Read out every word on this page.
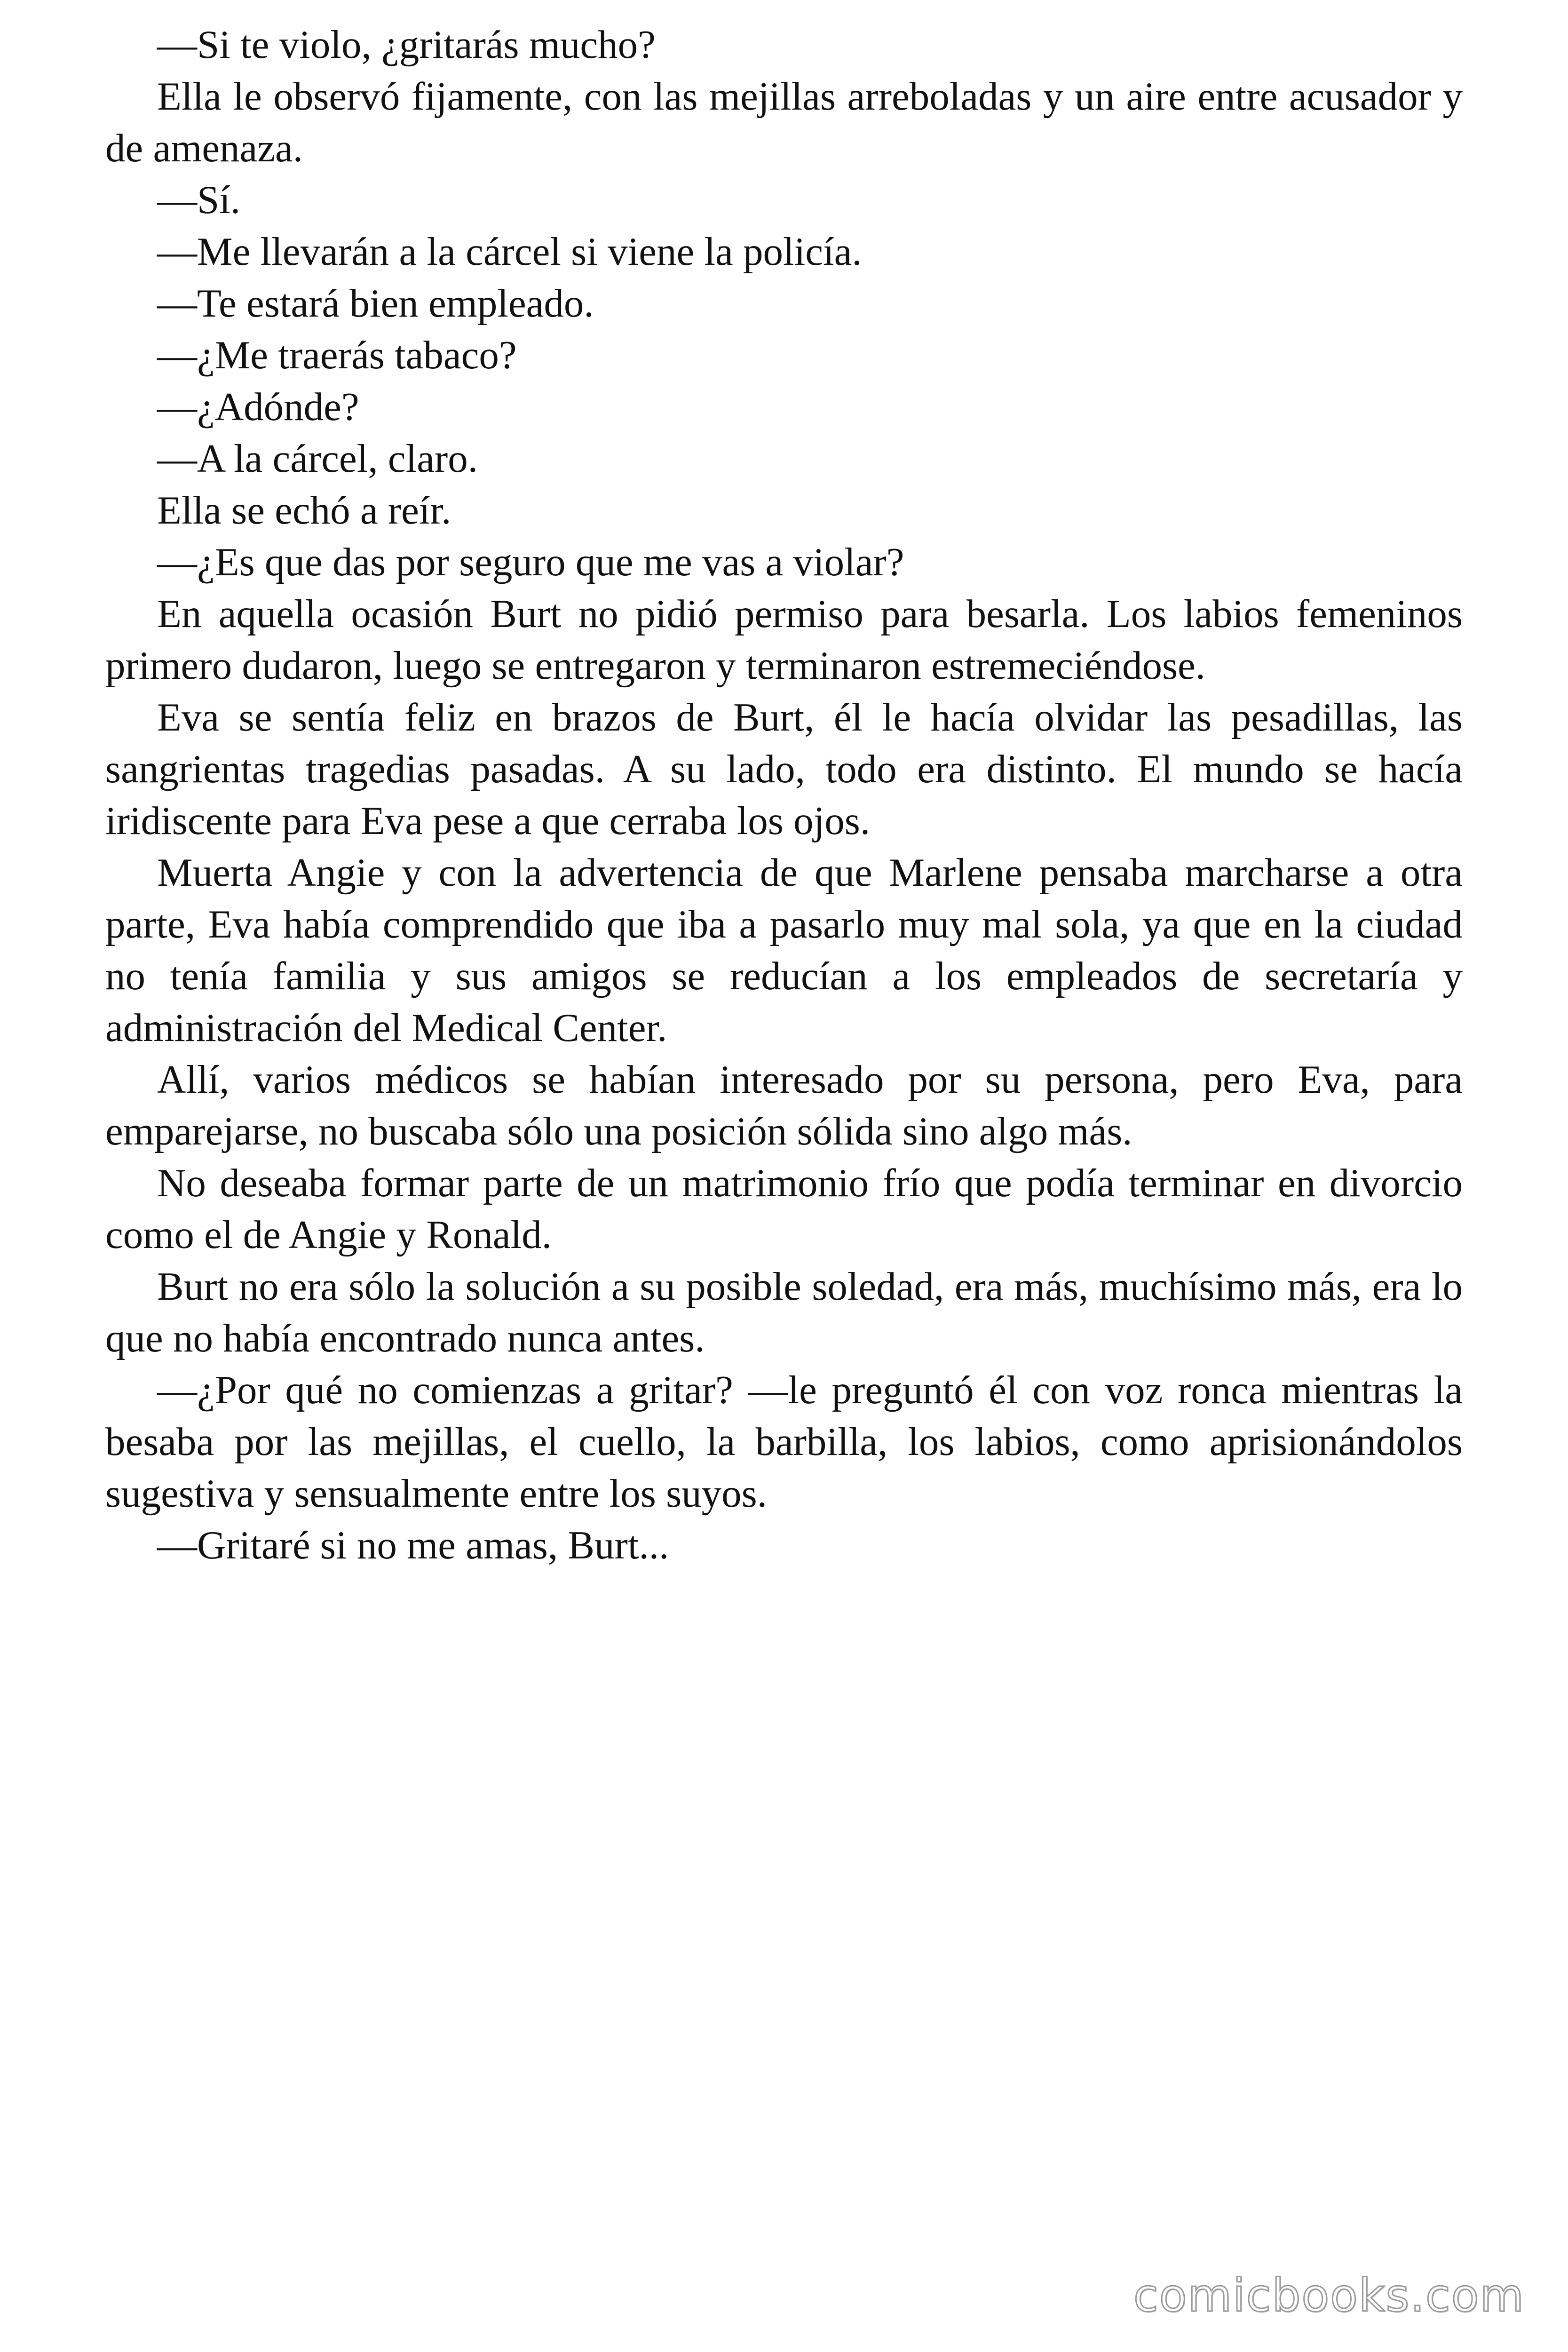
—Si te violo, ¿gritarás mucho?

Ella le observó fijamente, con las mejillas arreboladas y un aire entre acusador y de amenaza.

—Sí.

—Me llevarán a la cárcel si viene la policía.

—Te estará bien empleado.

—¿Me traerás tabaco?

—¿Adónde?

—A la cárcel, claro.

Ella se echó a reír.

—¿Es que das por seguro que me vas a violar?

En aquella ocasión Burt no pidió permiso para besarla. Los labios femeninos primero dudaron, luego se entregaron y terminaron estremeciéndose.

Eva se sentía feliz en brazos de Burt, él le hacía olvidar las pesadillas, las sangrientas tragedias pasadas. A su lado, todo era distinto. El mundo se hacía iridiscente para Eva pese a que cerraba los ojos.

Muerta Angie y con la advertencia de que Marlene pensaba marcharse a otra parte, Eva había comprendido que iba a pasarlo muy mal sola, ya que en la ciudad no tenía familia y sus amigos se reducían a los empleados de secretaría y administración del Medical Center.

Allí, varios médicos se habían interesado por su persona, pero Eva, para emparejarse, no buscaba sólo una posición sólida sino algo más.

No deseaba formar parte de un matrimonio frío que podía terminar en divorcio como el de Angie y Ronald.

Burt no era sólo la solución a su posible soledad, era más, muchísimo más, era lo que no había encontrado nunca antes.

—¿Por qué no comienzas a gritar? —le preguntó él con voz ronca mientras la besaba por las mejillas, el cuello, la barbilla, los labios, como aprisionándolos sugestiva y sensualmente entre los suyos.

—Gritaré si no me amas, Burt...

comicbooks.com
